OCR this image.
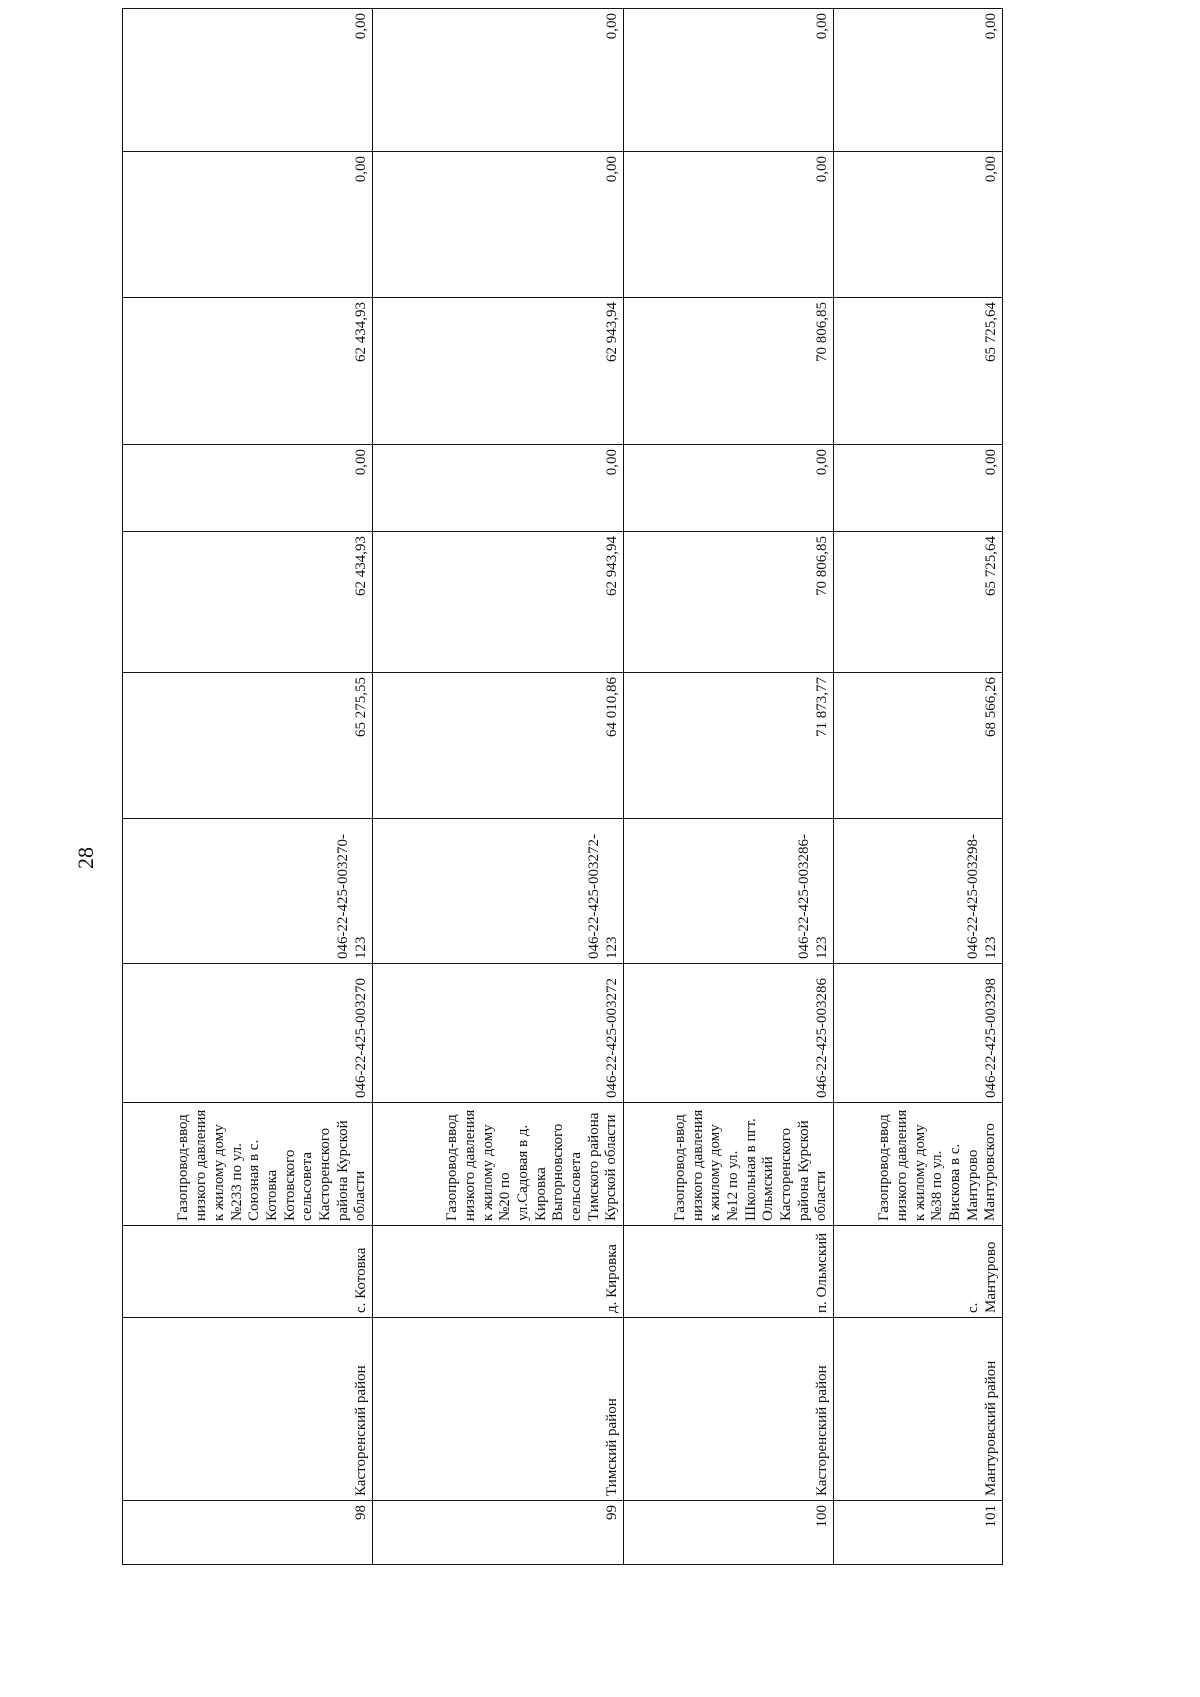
28
98	Касторенский район	с. Котовка	Газопровод-ввод низкого давления к жилому дому №233 по ул. Союзная в с. Котовка Котовского сельсовета Касторенского района Курской области	046-22-425-003270	046-22-425-003270-123	65 275,55	62 434,93	0,00	62 434,93	0,00	0,00
99	Тимский район	д. Кировка	Газопровод-ввод низкого давления к жилому дому №20 по ул.Садовая в д. Кировка Выгорновского сельсовета Тимского района Курской области	046-22-425-003272	046-22-425-003272-123	64 010,86	62 943,94	0,00	62 943,94	0,00	0,00
100	Касторенский район	п. Ольмский	Газопровод-ввод низкого давления к жилому дому №12 по ул. Школьная в пгт. Ольмский Касторенского района Курской области	046-22-425-003286	046-22-425-003286-123	71 873,77	70 806,85	0,00	70 806,85	0,00	0,00
101	Мантуровский район	с. Мантурово	Газопровод-ввод низкого давления к жилому дому №38 по ул. Вискова в с. Мантурово Мантуровского	046-22-425-003298	046-22-425-003298-123	68 566,26	65 725,64	0,00	65 725,64	0,00	0,00
